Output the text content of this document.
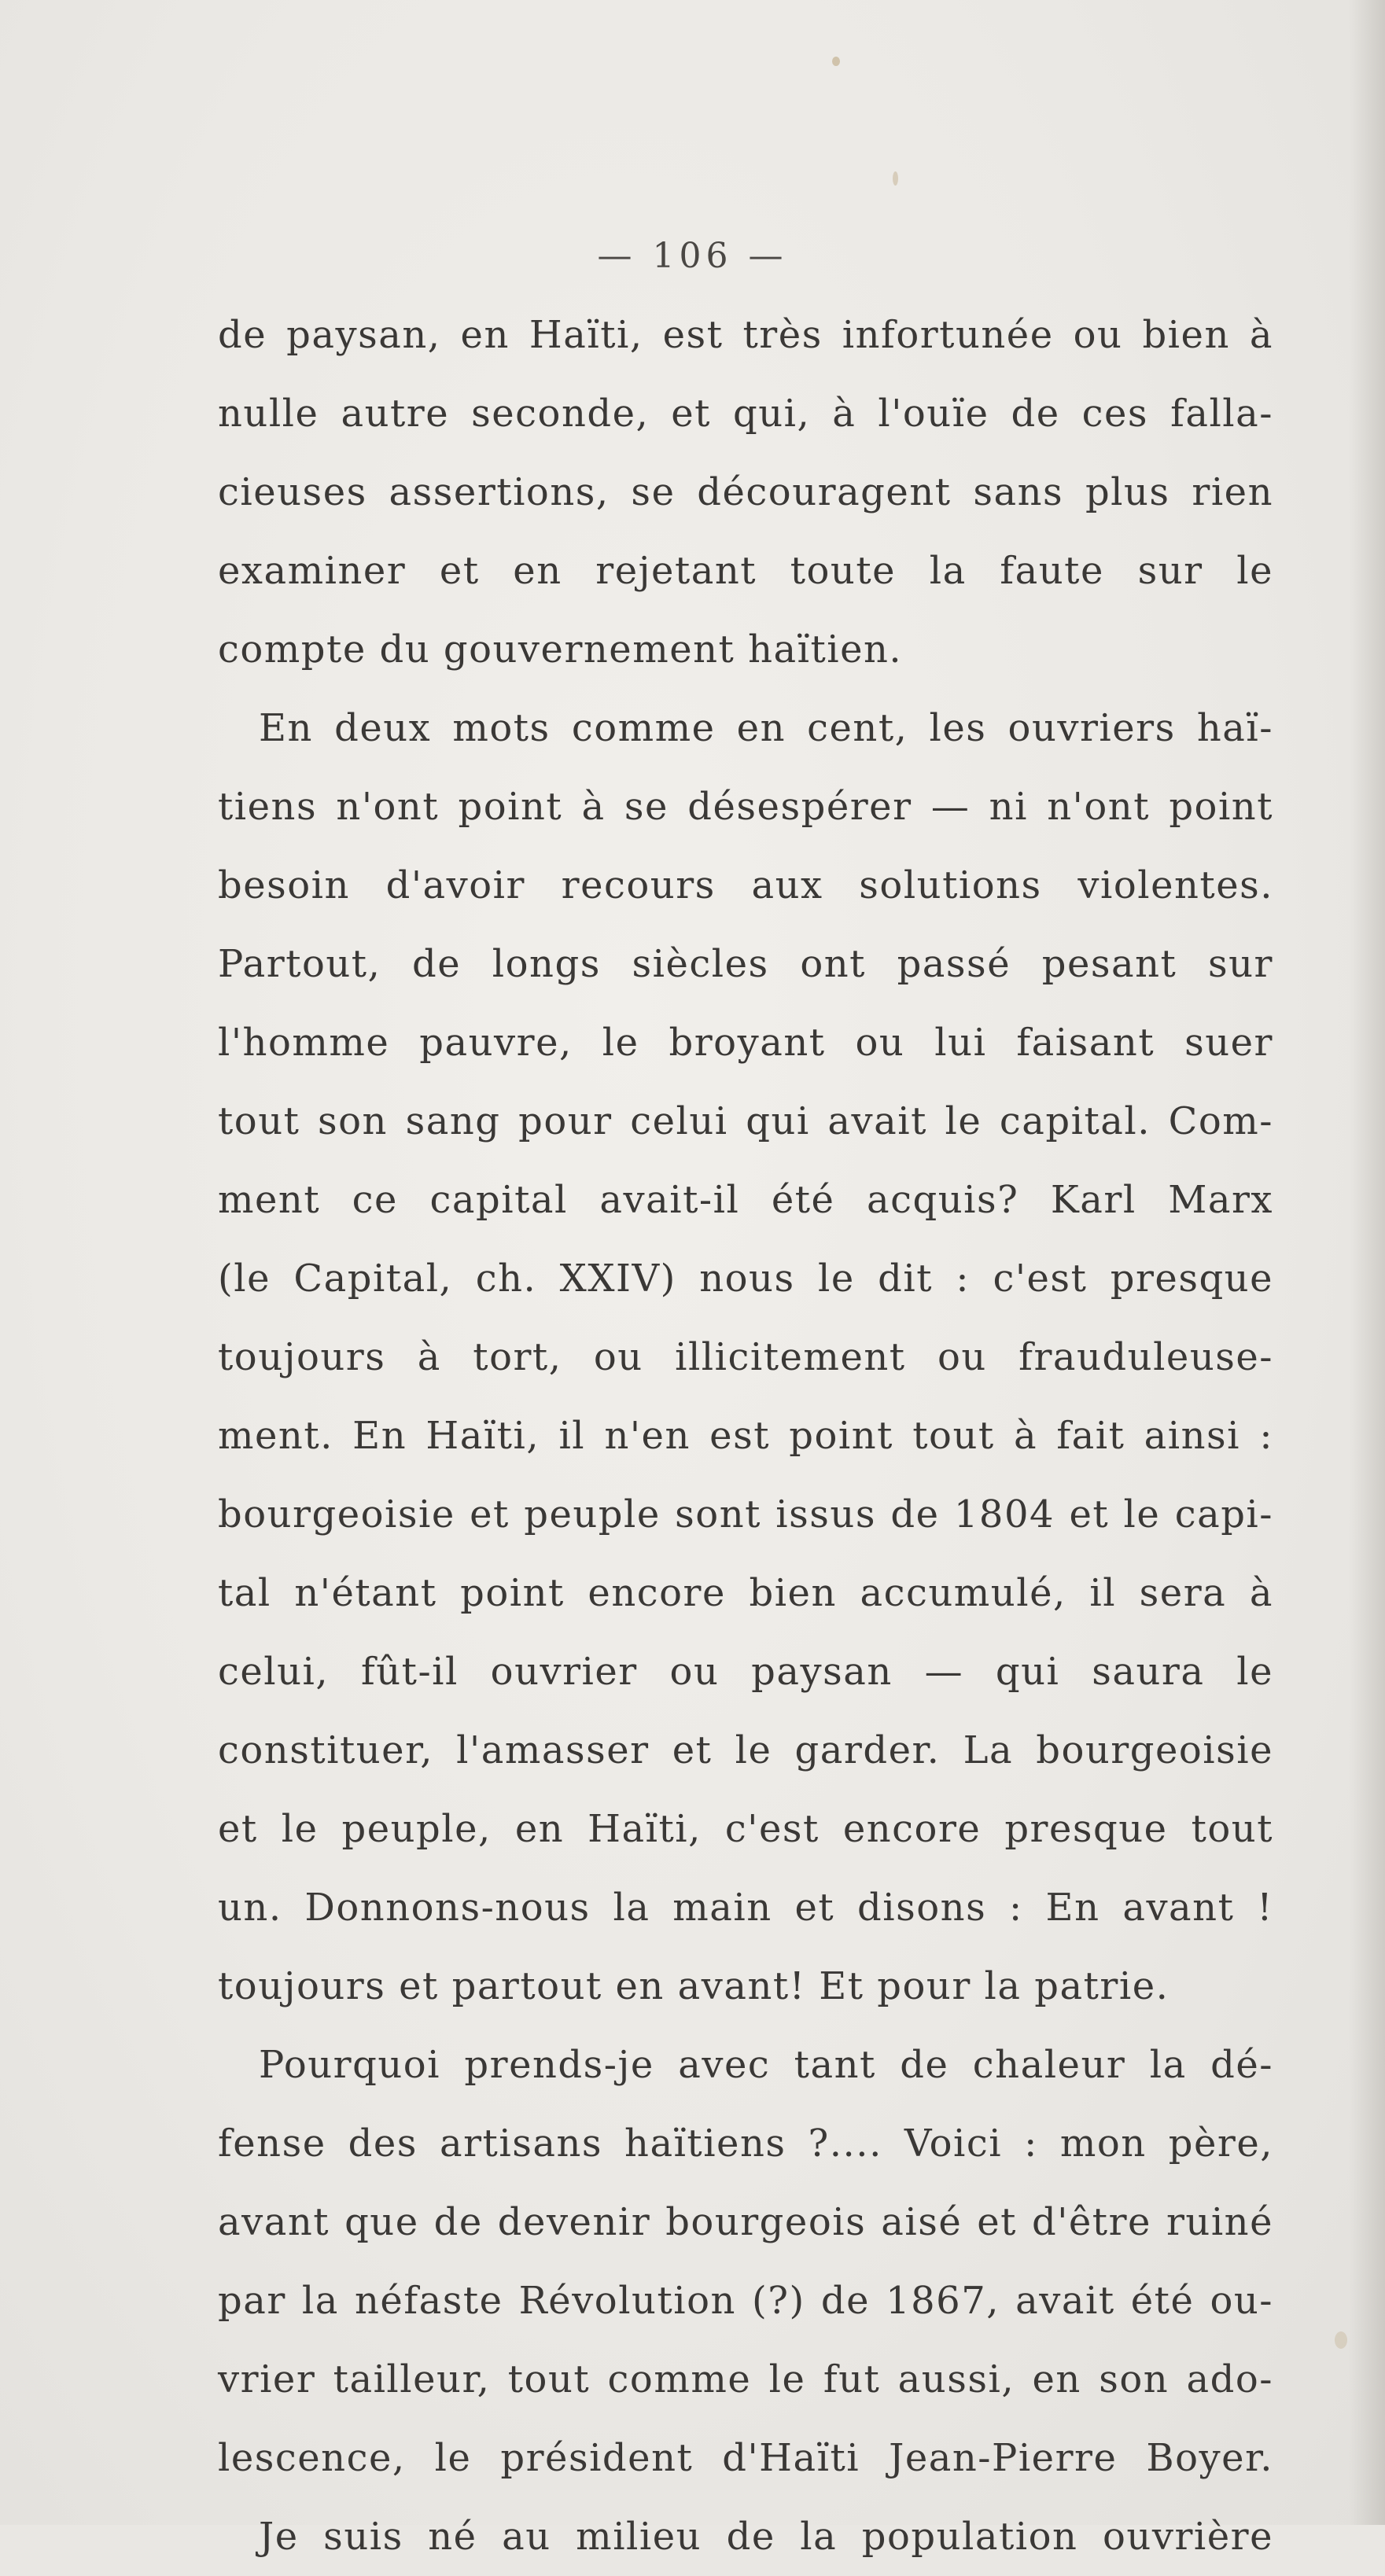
— 106 —
de paysan, en Haïti, est très infortunée ou bien à
nulle autre seconde, et qui, à l'ouïe de ces falla-
cieuses assertions, se découragent sans plus rien
examiner et en rejetant toute la faute sur le
compte du gouvernement haïtien.
En deux mots comme en cent, les ouvriers haï-
tiens n'ont point à se désespérer — ni n'ont point
besoin d'avoir recours aux solutions violentes.
Partout, de longs siècles ont passé pesant sur
l'homme pauvre, le broyant ou lui faisant suer
tout son sang pour celui qui avait le capital. Com-
ment ce capital avait-il été acquis? Karl Marx
(le Capital, ch. XXIV) nous le dit : c'est presque
toujours à tort, ou illicitement ou frauduleuse-
ment. En Haïti, il n'en est point tout à fait ainsi :
bourgeoisie et peuple sont issus de 1804 et le capi-
tal n'étant point encore bien accumulé, il sera à
celui, fût-il ouvrier ou paysan — qui saura le
constituer, l'amasser et le garder. La bourgeoisie
et le peuple, en Haïti, c'est encore presque tout
un. Donnons-nous la main et disons : En avant !
toujours et partout en avant! Et pour la patrie.
Pourquoi prends-je avec tant de chaleur la dé-
fense des artisans haïtiens ?.... Voici : mon père,
avant que de devenir bourgeois aisé et d'être ruiné
par la néfaste Révolution (?) de 1867, avait été ou-
vrier tailleur, tout comme le fut aussi, en son ado-
lescence, le président d'Haïti Jean-Pierre Boyer.
Je suis né au milieu de la population ouvrière
